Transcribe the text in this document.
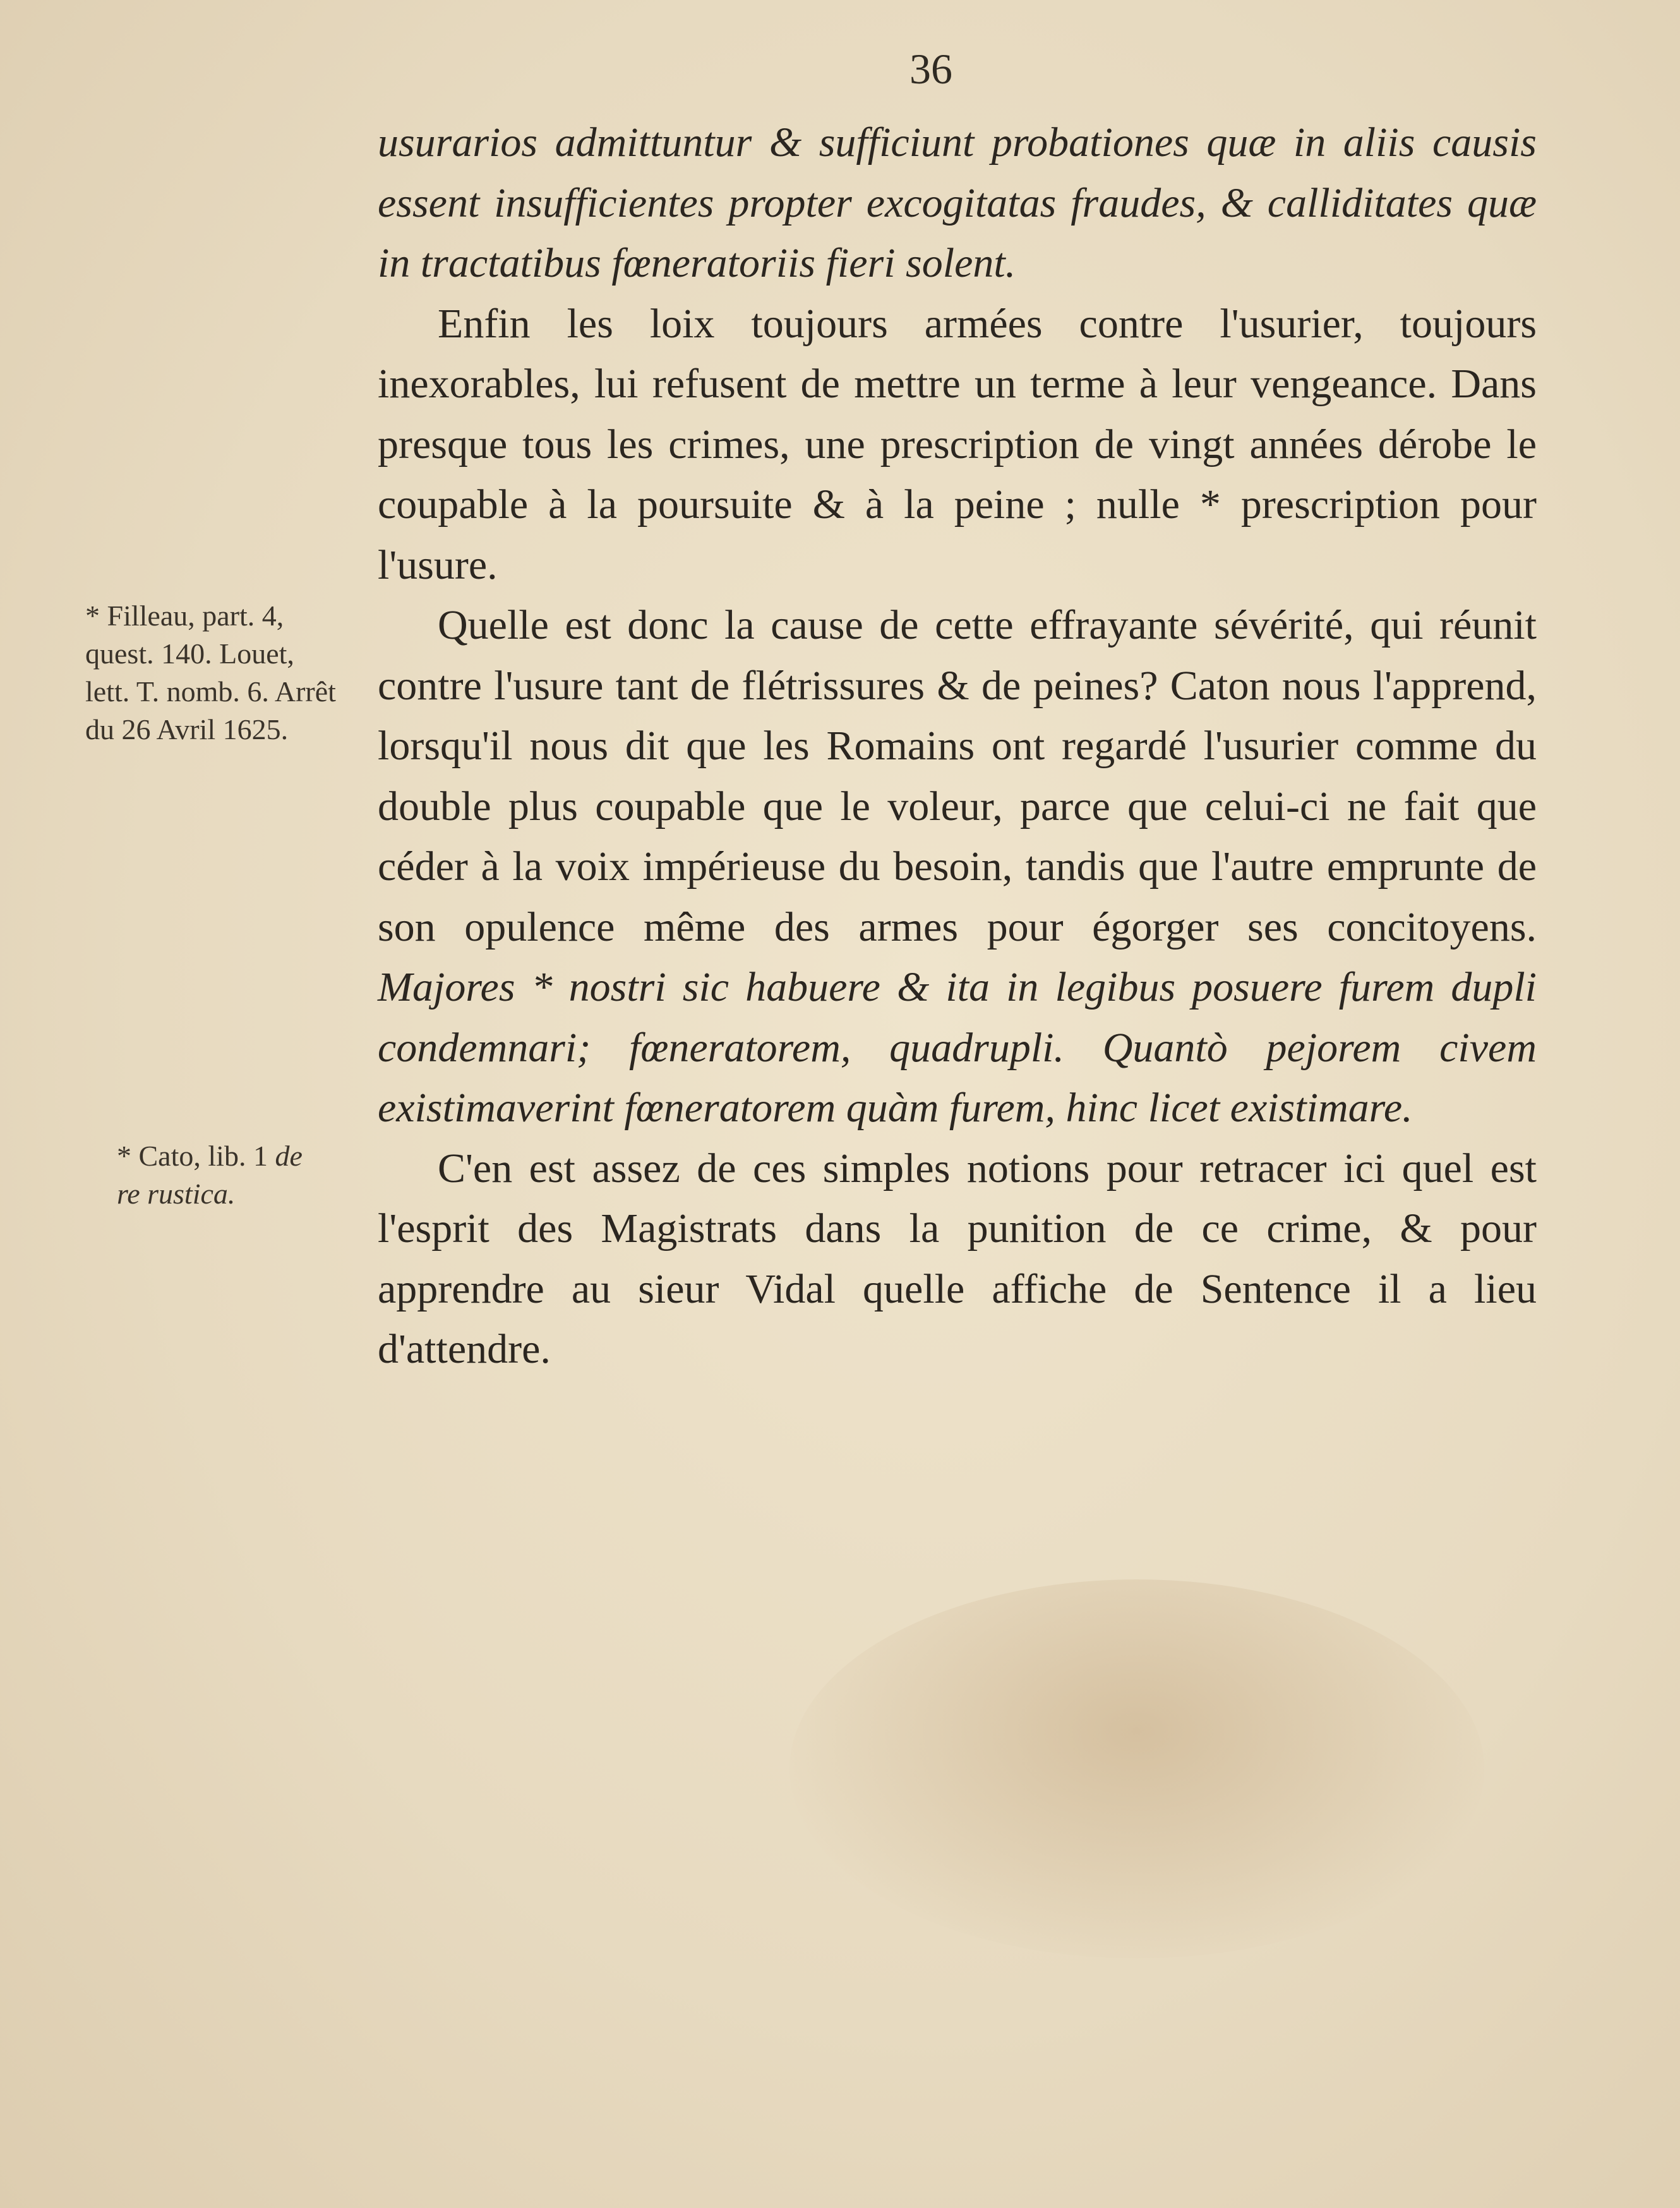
36

usurarios admittuntur & sufficiunt probationes quæ in aliis causis essent insufficientes propter excogitatas fraudes, & calliditates quæ in tractatibus fœneratoriis fieri solent.

Enfin les loix toujours armées contre l'usurier, toujours inexorables, lui refusent de mettre un terme à leur vengeance. Dans presque tous les crimes, une prescription de vingt années dérobe le coupable à la poursuite & à la peine ; nulle * prescription pour l'usure.

Quelle est donc la cause de cette effrayante sévérité, qui réunit contre l'usure tant de flétrissures & de peines? Caton nous l'apprend, lorsqu'il nous dit que les Romains ont regardé l'usurier comme du double plus coupable que le voleur, parce que celui-ci ne fait que céder à la voix impérieuse du besoin, tandis que l'autre emprunte de son opulence même des armes pour égorger ses concitoyens. Majores * nostri sic habuere & ita in legibus posuere furem dupli condemnari; fœneratorem, quadrupli. Quantò pejorem civem existimaverint fœneratorem quàm furem, hinc licet existimare.

C'en est assez de ces simples notions pour retracer ici quel est l'esprit des Magistrats dans la punition de ce crime, & pour apprendre au sieur Vidal quelle affiche de Sentence il a lieu d'attendre.

* Filleau, part. 4, quest. 140. Louet, lett. T. nomb. 6. Arrêt du 26 Avril 1625.
* Cato, lib. 1 de re rustica.
